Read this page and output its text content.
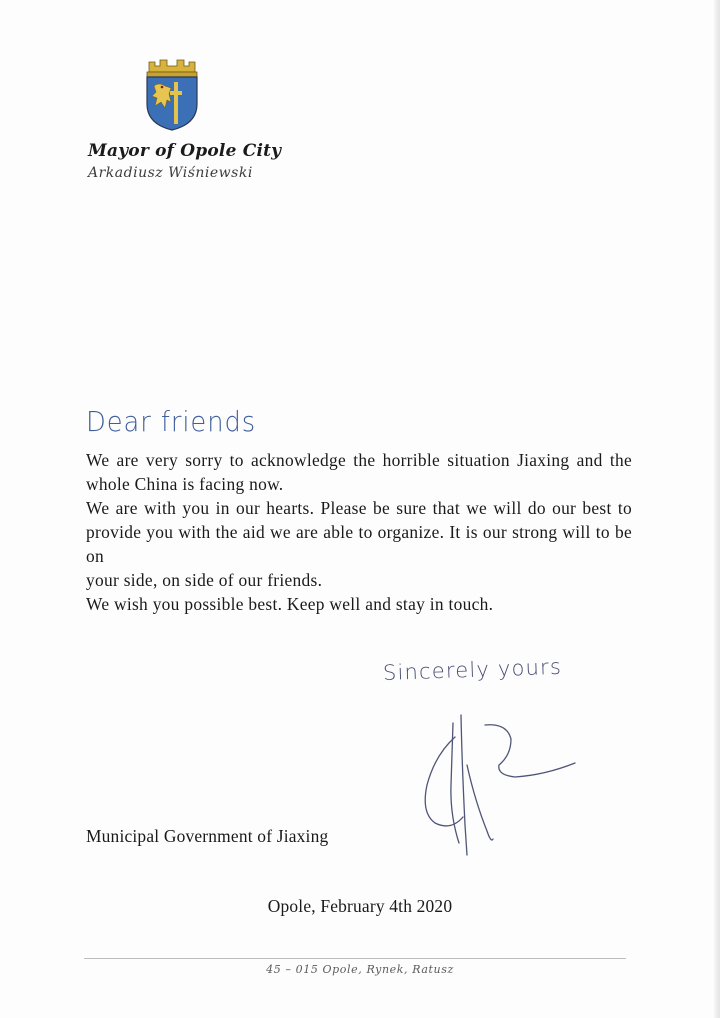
Mayor of Opole City
Arkadiusz Wiśniewski
Dear friends

We are very sorry to acknowledge the horrible situation Jiaxing and the

whole China is facing now.

We are with you in our hearts. Please be sure that we will do our best to

provide you with the aid we are able to organize. It is our strong will to be on

your side, on side of our friends.

We wish you possible best. Keep well and stay in touch.

Sincerely yours
Municipal Government of Jiaxing
Opole, February 4th 2020
45 – 015 Opole, Rynek, Ratusz
